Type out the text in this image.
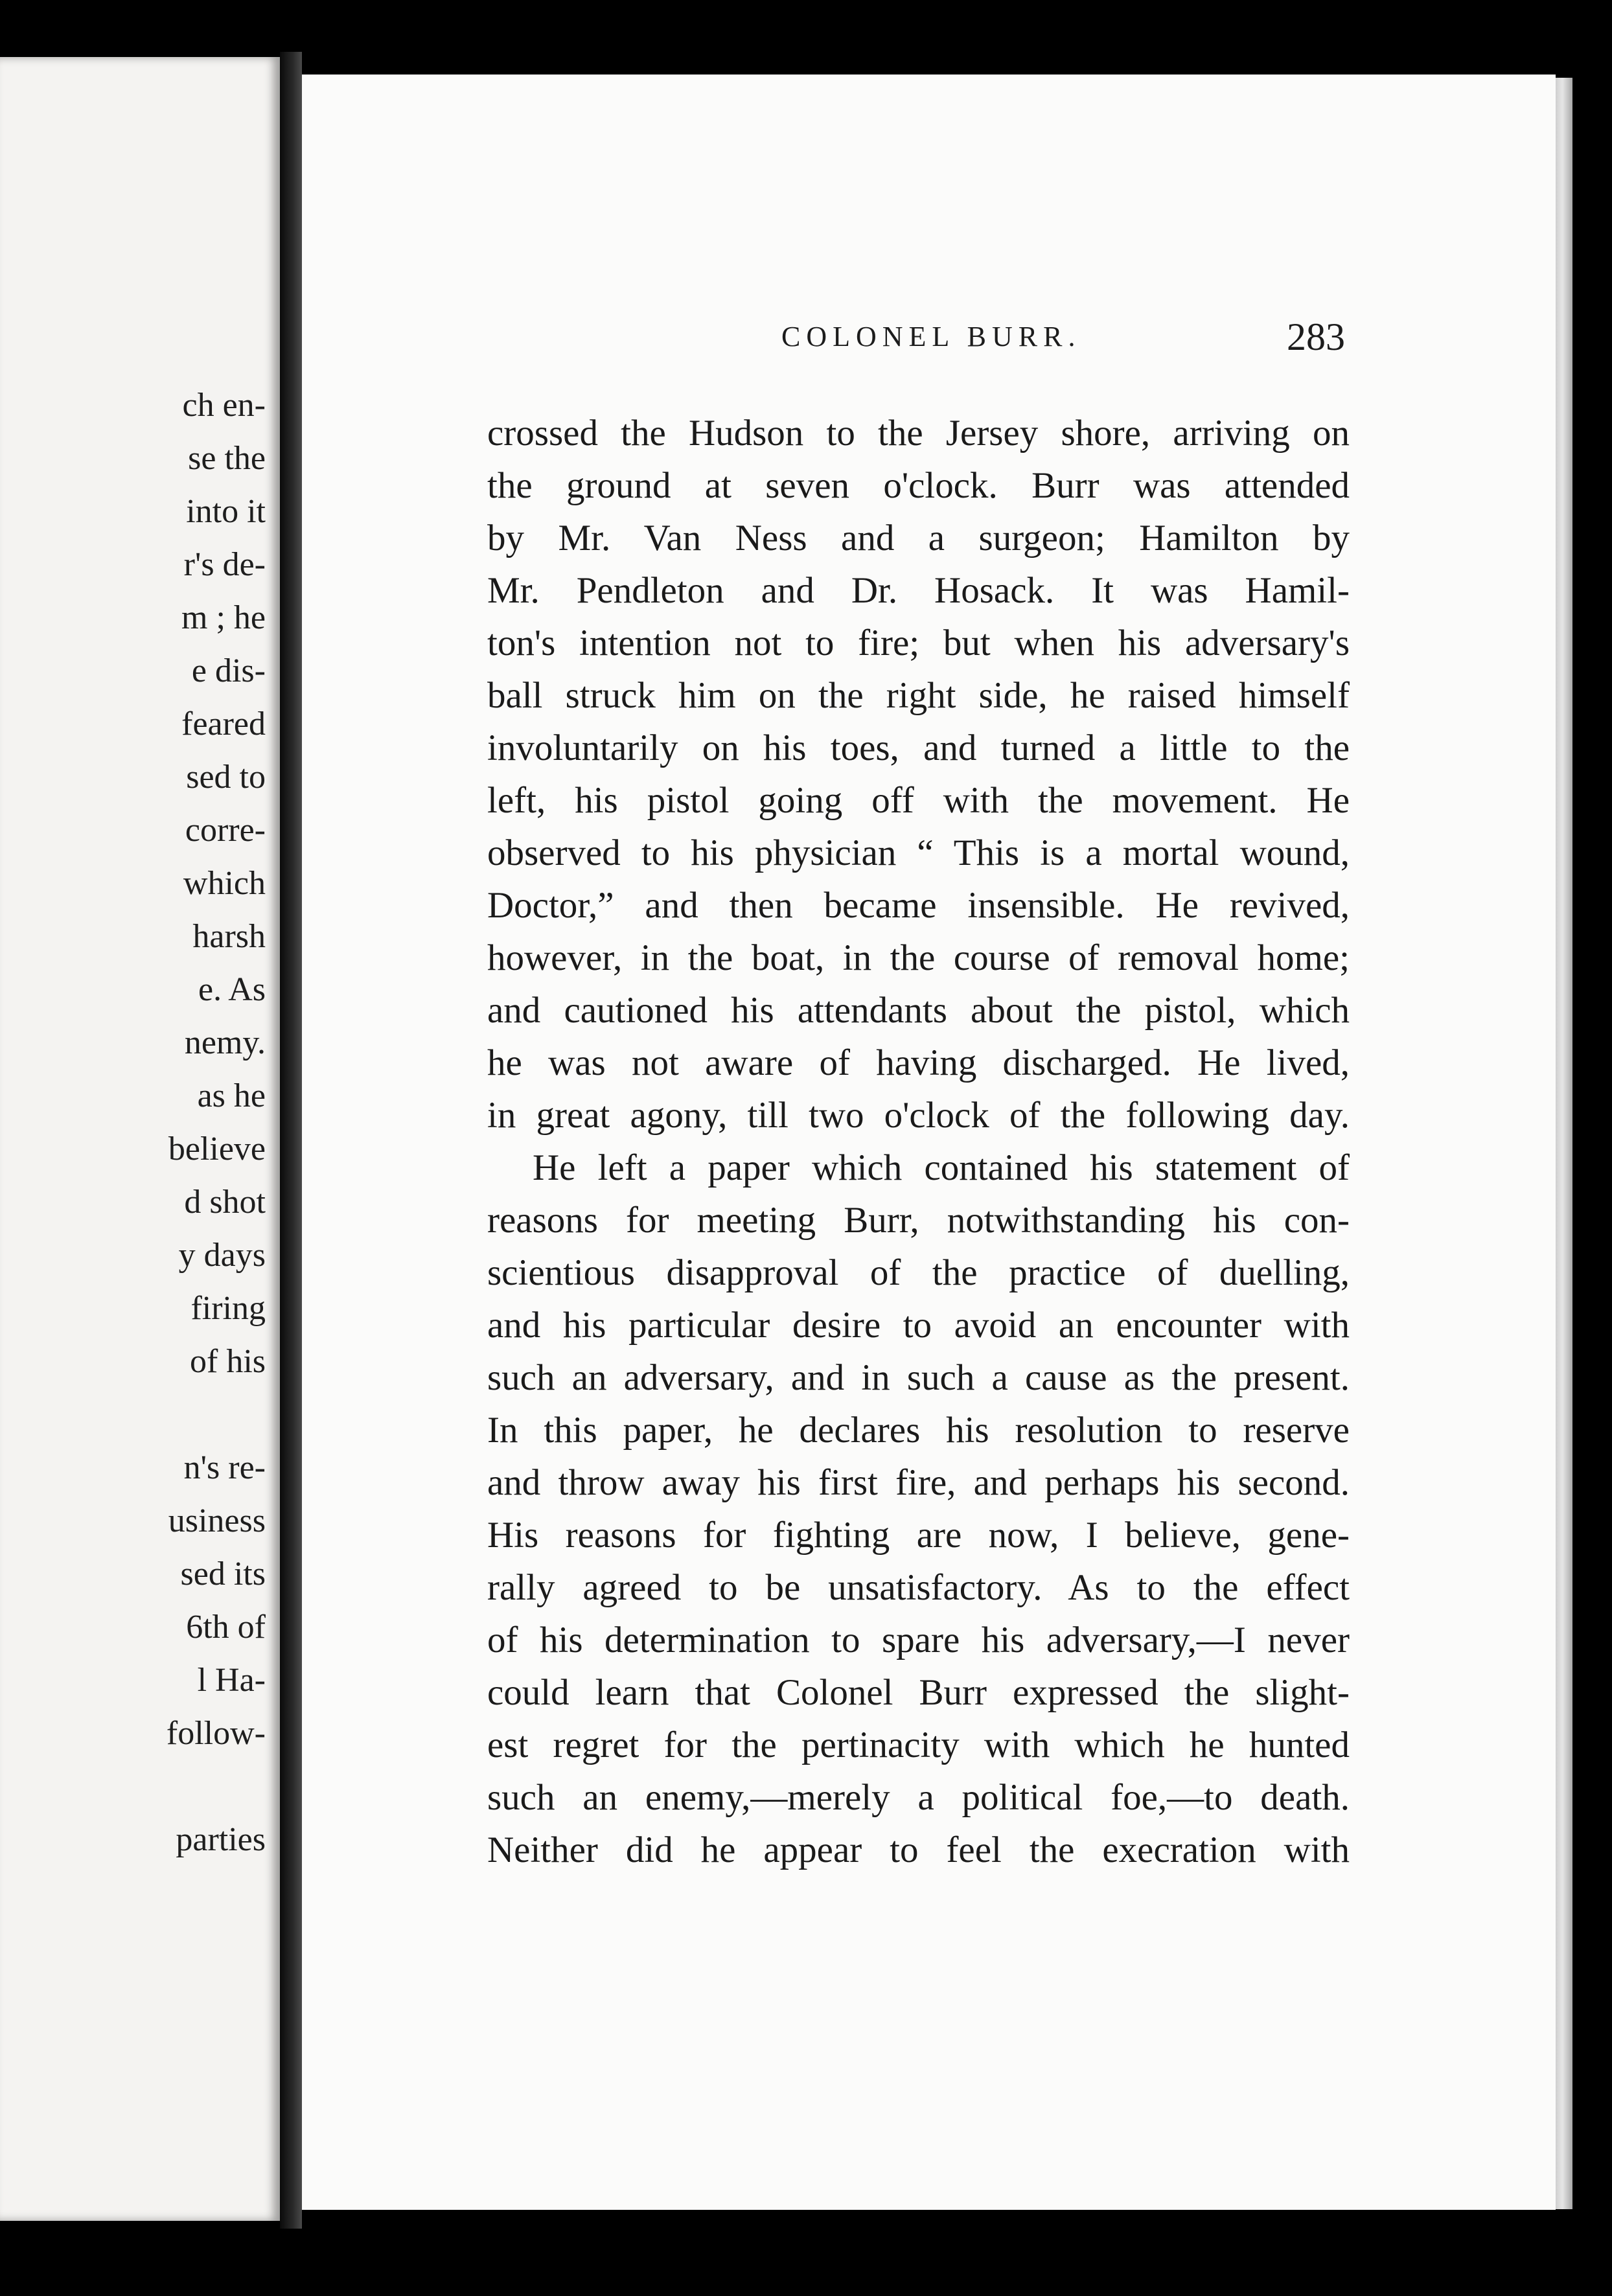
ch en-

se the

into it

r's de-

m ; he

e dis-

feared

sed to

corre-

which

harsh

e. As

nemy.

as he

believe

d shot

y days

firing

of his

n's re-

usiness

sed its

6th of

l Ha-

follow-

parties

COLONEL BURR.	283

crossed the Hudson to the Jersey shore, arriving on

the ground at seven o'clock. Burr was attended

by Mr. Van Ness and a surgeon; Hamilton by

Mr. Pendleton and Dr. Hosack. It was Hamil-

ton's intention not to fire; but when his adversary's

ball struck him on the right side, he raised himself

involuntarily on his toes, and turned a little to the

left, his pistol going off with the movement. He

observed to his physician “ This is a mortal wound,

Doctor,” and then became insensible. He revived,

however, in the boat, in the course of removal home;

and cautioned his attendants about the pistol, which

he was not aware of having discharged. He lived,

in great agony, till two o'clock of the following day.

He left a paper which contained his statement of

reasons for meeting Burr, notwithstanding his con-

scientious disapproval of the practice of duelling,

and his particular desire to avoid an encounter with

such an adversary, and in such a cause as the present.

In this paper, he declares his resolution to reserve

and throw away his first fire, and perhaps his second.

His reasons for fighting are now, I believe, gene-

rally agreed to be unsatisfactory. As to the effect

of his determination to spare his adversary,—I never

could learn that Colonel Burr expressed the slight-

est regret for the pertinacity with which he hunted

such an enemy,—merely a political foe,—to death.

Neither did he appear to feel the execration with
